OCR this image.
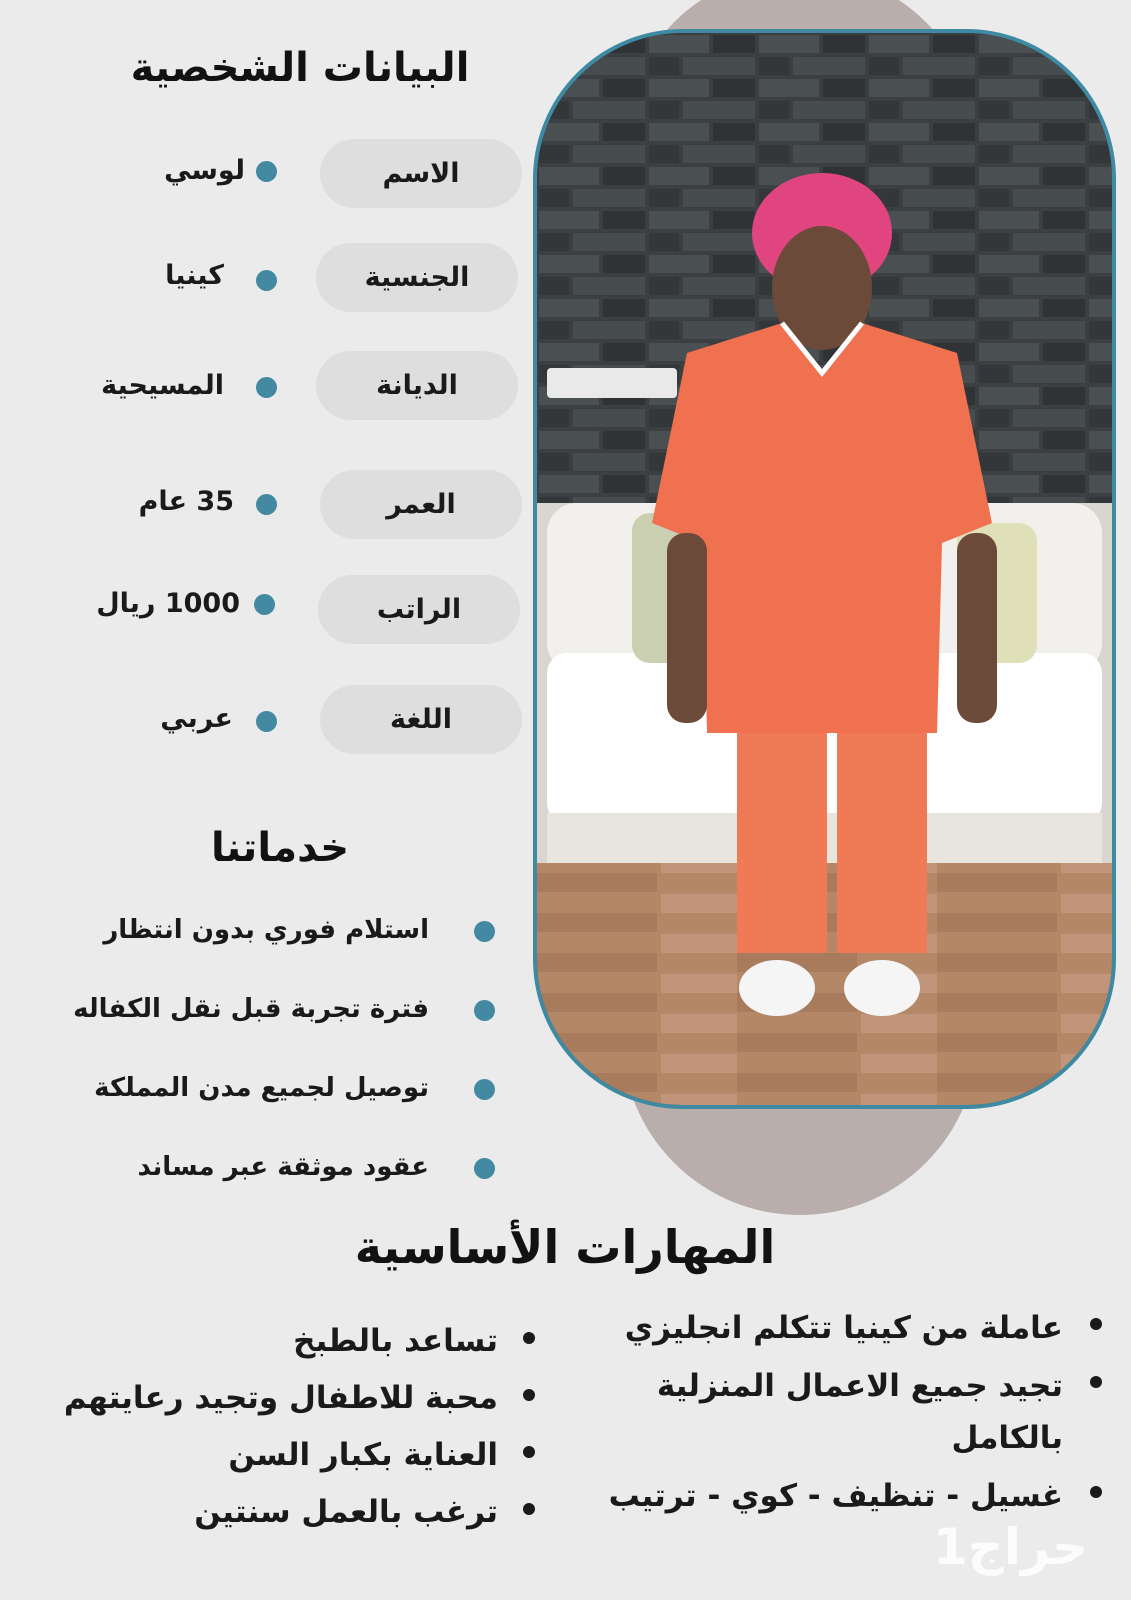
البيانات الشخصية
الاسم
لوسي
الجنسية
كينيا
الديانة
المسيحية
العمر
35 عام
الراتب
1000 ريال
اللغة
عربي
خدماتنا
استلام فوري بدون انتظار
فترة تجربة قبل نقل الكفاله
توصيل لجميع مدن المملكة
عقود موثقة عبر مساند
المهارات الأساسية
عاملة من كينيا تتكلم انجليزي
تجيد جميع الاعمال المنزلية بالكامل
غسيل - تنظيف - كوي - ترتيب
تساعد بالطبخ
محبة للاطفال وتجيد رعايتهم
العناية بكبار السن
ترغب بالعمل سنتين
حراج1
